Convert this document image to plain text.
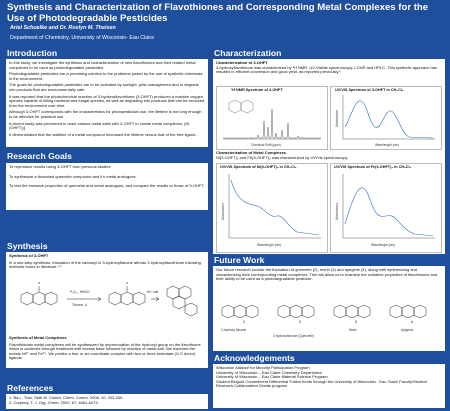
Synthesis and Characterization of Flavothiones and Corresponding Metal Complexes for the Use of Photodegradable Pesticides
Ariel Schuelke and Dr. Roslyn M. Theisen
Department of Chemistry, University of Wisconsin- Eau Claire
Introduction

In this study, we investigate the synthesis and characterization of new flavothiones and their related metal complexes to be used as photodegradable pesticides.

Photodegradable pesticides are a promising solution to the problems posed by the use of synthetic chemicals in the environment.

The goals for photodegradable pesticides are to be activated by sunlight, pest management and to degrade into products that are environmentally safe.

It was reported that the photochemical reaction of 3-hydroxyflavothione (3-OHFT) produced a reactive oxygen species capable of killing bacterial and fungal species, as well as degrading into products that can be removed from the environment over time.

Although 3-OHFT corresponds with the characteristics for photopesticidal use, the lifetime is not long enough to be effective for practical use.

A recent study was performed to react various metal salts with 3-OHFT to create metal complexes, [M-(OHFT)₂].

It demonstrated that the addition of a metal compound increased the lifetime versus that of the free ligand..

Research Goals

To reproduce results using 3-OHFT from previous studies

To synthesize a thionated quercetin compound and it's metal analogues.

To test the emissive properties of quercetin and metal analogues, and compare the results to those of 3-OHFT.

Synthesis

Synthesis of 3-OHFT

In a one-step synthesis, thionation of the carbonyl in 3-hydroxyflavone affords 3-hydroxyflavothione following methods found in literature.¹˒²

O	S
P₄S₁₀, HMDO
Toluene, Δ
M²⁺ salt

Synthesis of Metal Complexes

Flavothionato metal complexes will be synthesized by deprotonation of the hydroxyl group on the flavothione which is achieved through treatment with excess base followed by reaction of metal salt. We explored the metals Ni²⁺ and Fe³⁺. We predict a four or six-coordinate complex with two or three bidentate (O,S donor) ligands.

References

1. Ba L, Tran; Seth M. Cohen. Chem. Comm. 2006, 10, 203-205.

2. Curphey, T. J. Org. Chem. 2002, 67, 6461-6473.

Characterization

Characterization of 3-OHFT

3-hydroxyflavothione was characterized by ¹H NMR, UV-Visible spectroscopy, LCMS and HPLC. This synthetic approach has resulted in efficient conversion and good yield, as reported previously.¹

¹H NMR Spectrum of 3-OHFT
Chemical Shift (ppm)
UV/VIS Spectrum of 3-OHFT in CH₂Cl₂
Absorbance
Wavelength (nm)

Characterization of Metal Complexes

Ni(3-OHFT)₂ and Fe(3-OHFT)₃ was characterized by UV/Vis spectroscopy.

UV/VIS Spectrum of Ni(3-OHFT)₂ in CH₂Cl₂
Absorbance
Wavelength (nm)
UV/VIS Spectrum of Fe(3-OHFT)₃ in CH₂Cl₂
Absorbance
Wavelength (nm)
Future Work

Our future research include the thionation of quercetin (2), morin (3) and apeginin (4), along with synthesizing and characterizing their corresponding metal complexes. This will allow us to examine the oxidative properties of flavothiones and their ability to be used as a photodegradable pesticide.

1	2	3	4
3-hydroxy flavone
3-hydroxyflavone (Quercetin)
Morin	Apigenin
Acknowledgements

Wisconsin Alliance for Minority Participation Program

University of Wisconsin – Eau Claire Chemistry Department

University of Wisconsin – Eau Claire Material Science Program

Student Blugold Commitment Differential Tuition funds through the University of Wisconsin - Eau Claire Faculty/Student Research Collaboration Grants program
